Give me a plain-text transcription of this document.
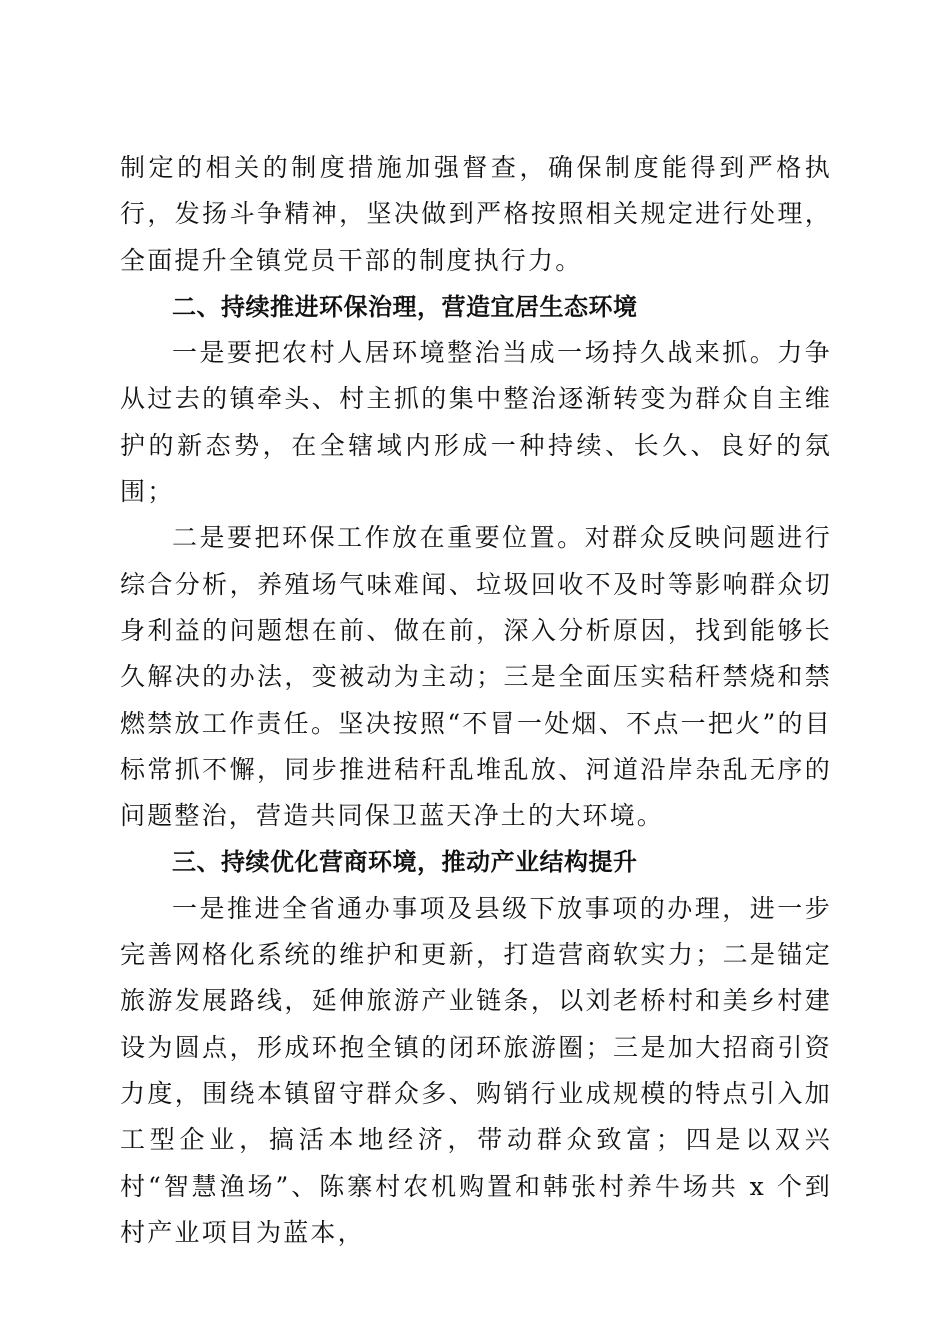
制定的相关的制度措施加强督查，确保制度能得到严格执行，发扬斗争精神，坚决做到严格按照相关规定进行处理，全面提升全镇党员干部的制度执行力。

二、持续推进环保治理，营造宜居生态环境

一是要把农村人居环境整治当成一场持久战来抓。力争从过去的镇牵头、村主抓的集中整治逐渐转变为群众自主维护的新态势，在全辖域内形成一种持续、长久、良好的氛围；

二是要把环保工作放在重要位置。对群众反映问题进行综合分析，养殖场气味难闻、垃圾回收不及时等影响群众切身利益的问题想在前、做在前，深入分析原因，找到能够长久解决的办法，变被动为主动；三是全面压实秸秆禁烧和禁燃禁放工作责任。坚决按照“不冒一处烟、不点一把火”的目标常抓不懈，同步推进秸秆乱堆乱放、河道沿岸杂乱无序的问题整治，营造共同保卫蓝天净土的大环境。

三、持续优化营商环境，推动产业结构提升

一是推进全省通办事项及县级下放事项的办理，进一步完善网格化系统的维护和更新，打造营商软实力；二是锚定旅游发展路线，延伸旅游产业链条，以刘老桥村和美乡村建设为圆点，形成环抱全镇的闭环旅游圈；三是加大招商引资力度，围绕本镇留守群众多、购销行业成规模的特点引入加工型企业，搞活本地经济，带动群众致富；四是以双兴村“智慧渔场”、陈寨村农机购置和韩张村养牛场共 x 个到村产业项目为蓝本，
